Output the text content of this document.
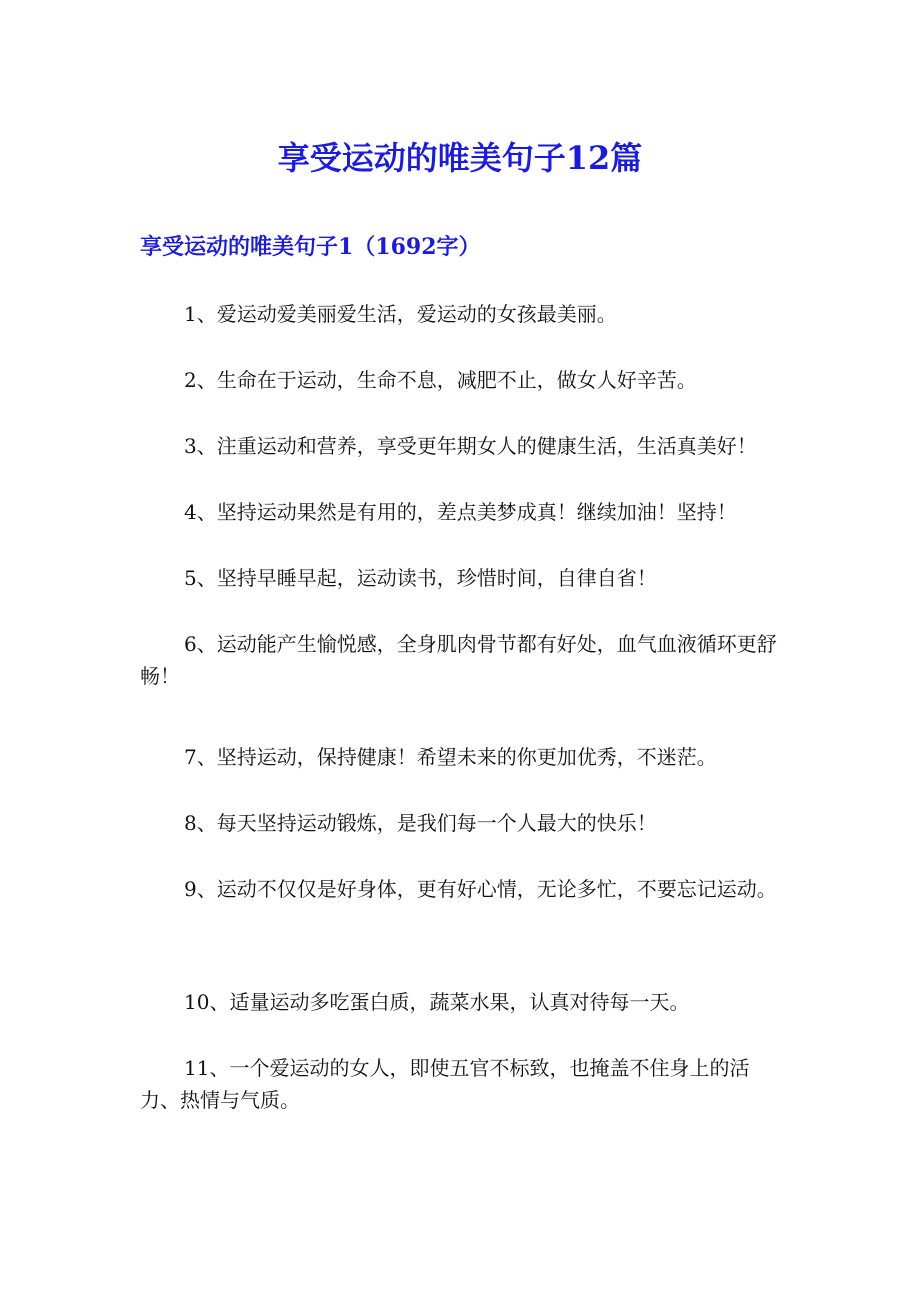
享受运动的唯美句子12篇
享受运动的唯美句子1（1692字）
1、爱运动爱美丽爱生活，爱运动的女孩最美丽。
2、生命在于运动，生命不息，减肥不止，做女人好辛苦。
3、注重运动和营养，享受更年期女人的健康生活，生活真美好！
4、坚持运动果然是有用的，差点美梦成真！继续加油！坚持！
5、坚持早睡早起，运动读书，珍惜时间，自律自省！
6、运动能产生愉悦感，全身肌肉骨节都有好处，血气血液循环更舒畅！
7、坚持运动，保持健康！希望未来的你更加优秀，不迷茫。
8、每天坚持运动锻炼，是我们每一个人最大的快乐！
9、运动不仅仅是好身体，更有好心情，无论多忙，不要忘记运动。
10、适量运动多吃蛋白质，蔬菜水果，认真对待每一天。
11、一个爱运动的女人，即使五官不标致，也掩盖不住身上的活力、热情与气质。
